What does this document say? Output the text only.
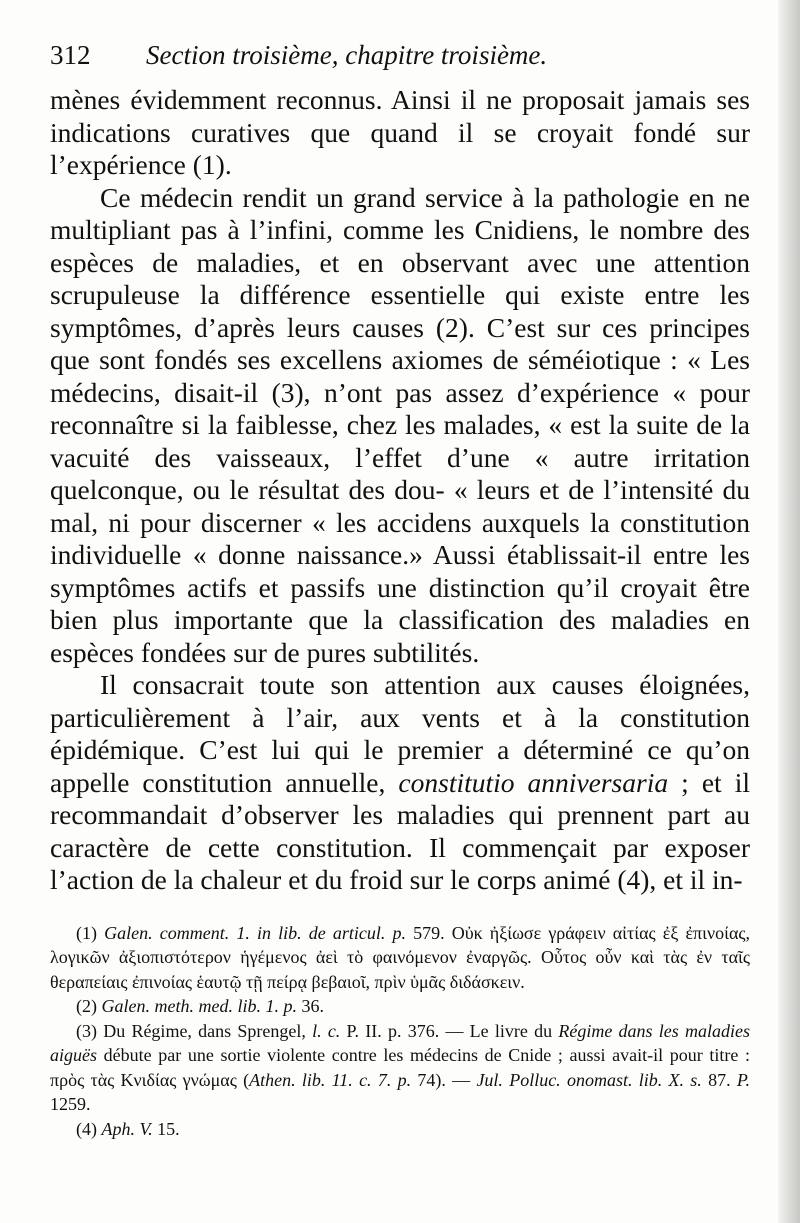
312	Section troisième, chapitre troisième.

mènes évidemment reconnus. Ainsi il ne proposait jamais ses indications curatives que quand il se croyait fondé sur l’expérience (1).

Ce médecin rendit un grand service à la pathologie en ne multipliant pas à l’infini, comme les Cnidiens, le nombre des espèces de maladies, et en observant avec une attention scrupuleuse la différence essentielle qui existe entre les symptômes, d’après leurs causes (2). C’est sur ces principes que sont fondés ses excellens axiomes de séméiotique : « Les médecins, disait-il (3), n’ont pas assez d’expérience « pour reconnaître si la faiblesse, chez les malades, « est la suite de la vacuité des vaisseaux, l’effet d’une « autre irritation quelconque, ou le résultat des dou- « leurs et de l’intensité du mal, ni pour discerner « les accidens auxquels la constitution individuelle « donne naissance.» Aussi établissait-il entre les symptômes actifs et passifs une distinction qu’il croyait être bien plus importante que la classification des maladies en espèces fondées sur de pures subtilités.

Il consacrait toute son attention aux causes éloignées, particulièrement à l’air, aux vents et à la constitution épidémique. C’est lui qui le premier a déterminé ce qu’on appelle constitution annuelle, constitutio anniversaria ; et il recommandait d’observer les maladies qui prennent part au caractère de cette constitution. Il commençait par exposer l’action de la chaleur et du froid sur le corps animé (4), et il in-

(1) Galen. comment. 1. in lib. de articul. p. 579. Οὐκ ἠξίωσε γράφειν αἰτίας ἐξ ἐπινοίας, λογικῶν ἀξιοπιστότερον ἡγέμενος ἀεὶ τὸ φαινόμενον ἐναργῶς. Οὗτος οὖν καὶ τὰς ἐν ταῖς θεραπείαις ἐπινοίας ἑαυτῷ τῇ πείρᾳ βεβαιοῖ, πρὶν ὑμᾶς διδάσκειν.

(2) Galen. meth. med. lib. 1. p. 36.

(3) Du Régime, dans Sprengel, l. c. P. II. p. 376. — Le livre du Régime dans les maladies aiguës débute par une sortie violente contre les médecins de Cnide ; aussi avait-il pour titre : πρὸς τὰς Κνιδίας γνώμας (Athen. lib. 11. c. 7. p. 74). — Jul. Polluc. onomast. lib. X. s. 87. P. 1259.

(4) Aph. V. 15.
